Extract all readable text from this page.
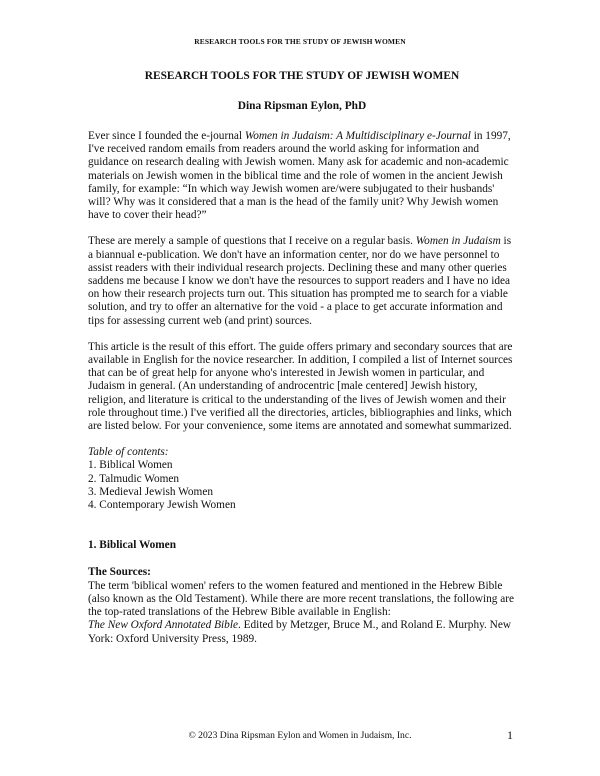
RESEARCH TOOLS FOR THE STUDY OF JEWISH WOMEN
RESEARCH TOOLS FOR THE STUDY OF JEWISH WOMEN
Dina Ripsman Eylon, PhD

Ever since I founded the e-journal Women in Judaism: A Multidisciplinary e-Journal in 1997, I've received random emails from readers around the world asking for information and guidance on research dealing with Jewish women. Many ask for academic and non-academic materials on Jewish women in the biblical time and the role of women in the ancient Jewish family, for example: “In which way Jewish women are/were subjugated to their husbands' will? Why was it considered that a man is the head of the family unit? Why Jewish women have to cover their head?”

These are merely a sample of questions that I receive on a regular basis. Women in Judaism is a biannual e-publication. We don't have an information center, nor do we have personnel to assist readers with their individual research projects. Declining these and many other queries saddens me because I know we don't have the resources to support readers and I have no idea on how their research projects turn out. This situation has prompted me to search for a viable solution, and try to offer an alternative for the void - a place to get accurate information and tips for assessing current web (and print) sources.

This article is the result of this effort. The guide offers primary and secondary sources that are available in English for the novice researcher. In addition, I compiled a list of Internet sources that can be of great help for anyone who's interested in Jewish women in particular, and Judaism in general. (An understanding of androcentric [male centered] Jewish history, religion, and literature is critical to the understanding of the lives of Jewish women and their role throughout time.) I've verified all the directories, articles, bibliographies and links, which are listed below. For your convenience, some items are annotated and somewhat summarized.

Table of contents:
1. Biblical Women
2. Talmudic Women
3. Medieval Jewish Women
4. Contemporary Jewish Women
1. Biblical Women
The Sources:

The term 'biblical women' refers to the women featured and mentioned in the Hebrew Bible (also known as the Old Testament). While there are more recent translations, the following are the top-rated translations of the Hebrew Bible available in English:

The New Oxford Annotated Bible. Edited by Metzger, Bruce M., and Roland E. Murphy. New York: Oxford University Press, 1989.

© 2023 Dina Ripsman Eylon and Women in Judaism, Inc.	1
